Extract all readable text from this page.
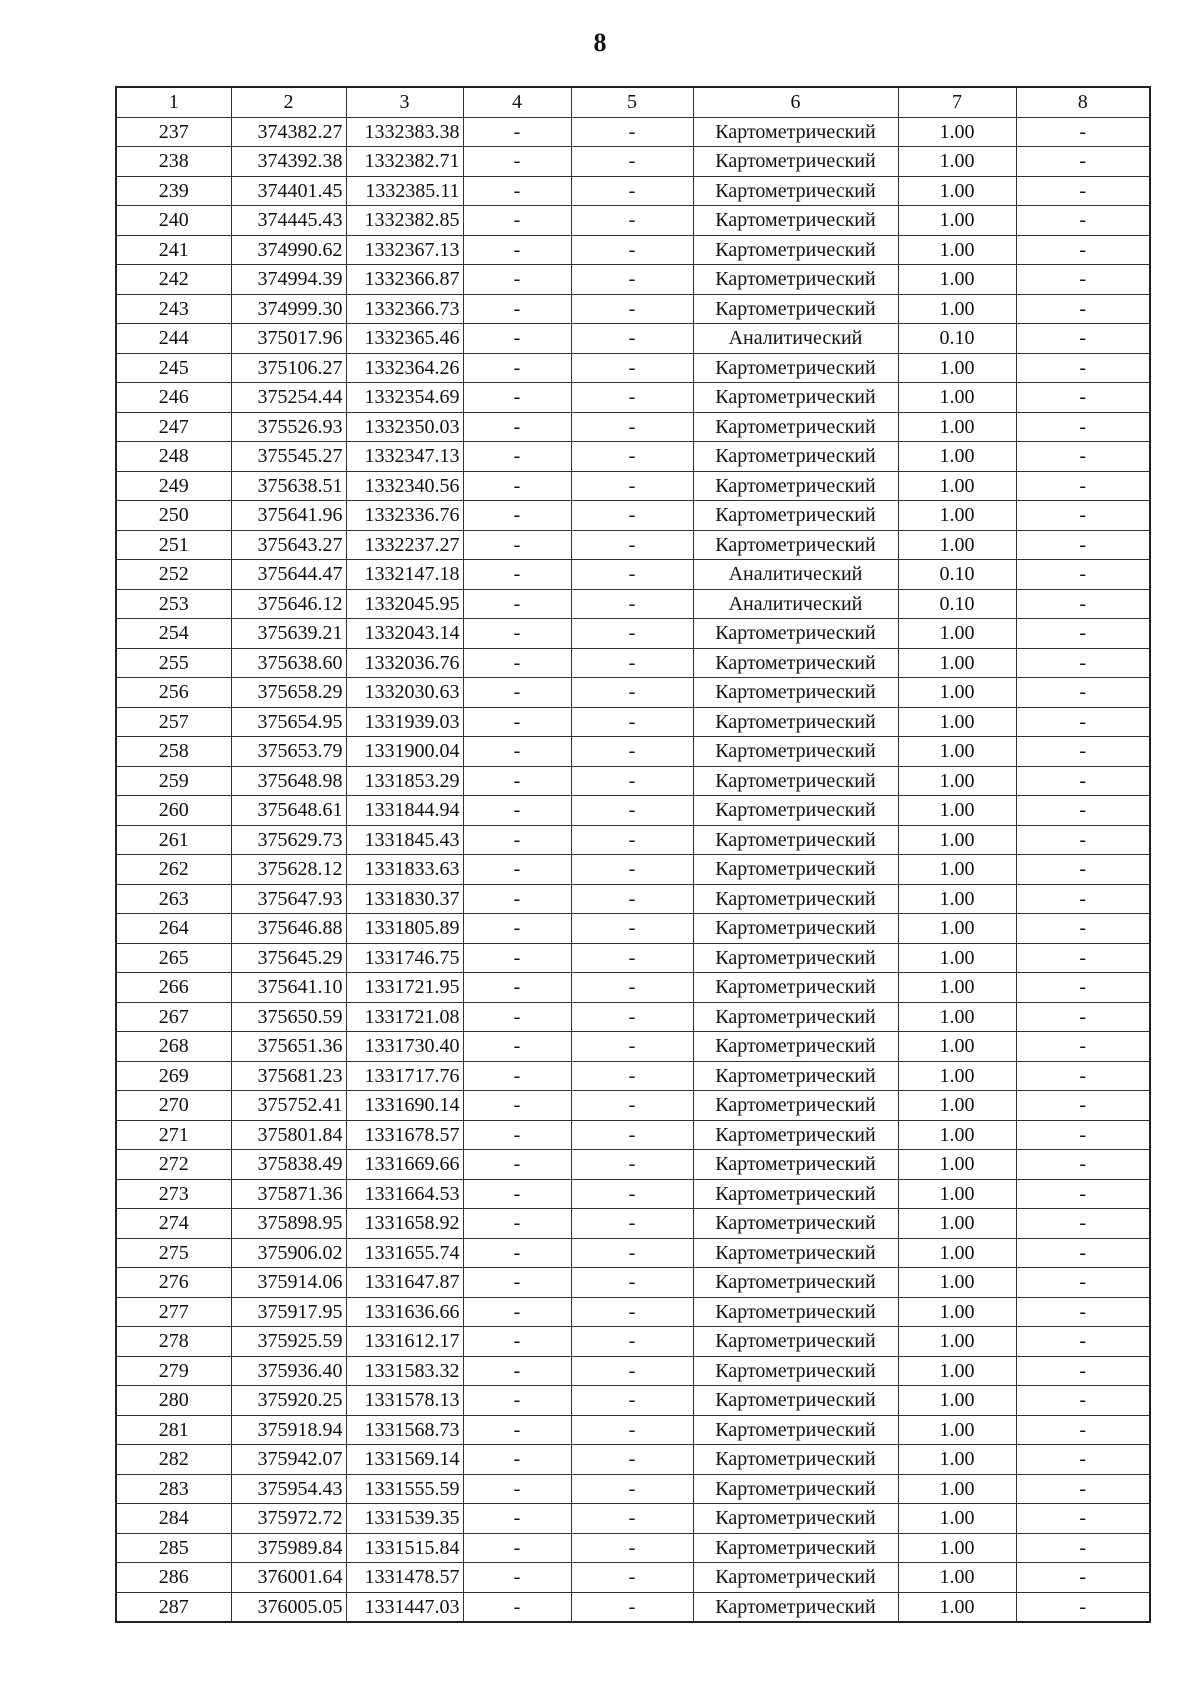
8
1	2	3	4	5	6	7	8
237	374382.27	1332383.38	-	-	Картометрический	1.00	-
238	374392.38	1332382.71	-	-	Картометрический	1.00	-
239	374401.45	1332385.11	-	-	Картометрический	1.00	-
240	374445.43	1332382.85	-	-	Картометрический	1.00	-
241	374990.62	1332367.13	-	-	Картометрический	1.00	-
242	374994.39	1332366.87	-	-	Картометрический	1.00	-
243	374999.30	1332366.73	-	-	Картометрический	1.00	-
244	375017.96	1332365.46	-	-	Аналитический	0.10	-
245	375106.27	1332364.26	-	-	Картометрический	1.00	-
246	375254.44	1332354.69	-	-	Картометрический	1.00	-
247	375526.93	1332350.03	-	-	Картометрический	1.00	-
248	375545.27	1332347.13	-	-	Картометрический	1.00	-
249	375638.51	1332340.56	-	-	Картометрический	1.00	-
250	375641.96	1332336.76	-	-	Картометрический	1.00	-
251	375643.27	1332237.27	-	-	Картометрический	1.00	-
252	375644.47	1332147.18	-	-	Аналитический	0.10	-
253	375646.12	1332045.95	-	-	Аналитический	0.10	-
254	375639.21	1332043.14	-	-	Картометрический	1.00	-
255	375638.60	1332036.76	-	-	Картометрический	1.00	-
256	375658.29	1332030.63	-	-	Картометрический	1.00	-
257	375654.95	1331939.03	-	-	Картометрический	1.00	-
258	375653.79	1331900.04	-	-	Картометрический	1.00	-
259	375648.98	1331853.29	-	-	Картометрический	1.00	-
260	375648.61	1331844.94	-	-	Картометрический	1.00	-
261	375629.73	1331845.43	-	-	Картометрический	1.00	-
262	375628.12	1331833.63	-	-	Картометрический	1.00	-
263	375647.93	1331830.37	-	-	Картометрический	1.00	-
264	375646.88	1331805.89	-	-	Картометрический	1.00	-
265	375645.29	1331746.75	-	-	Картометрический	1.00	-
266	375641.10	1331721.95	-	-	Картометрический	1.00	-
267	375650.59	1331721.08	-	-	Картометрический	1.00	-
268	375651.36	1331730.40	-	-	Картометрический	1.00	-
269	375681.23	1331717.76	-	-	Картометрический	1.00	-
270	375752.41	1331690.14	-	-	Картометрический	1.00	-
271	375801.84	1331678.57	-	-	Картометрический	1.00	-
272	375838.49	1331669.66	-	-	Картометрический	1.00	-
273	375871.36	1331664.53	-	-	Картометрический	1.00	-
274	375898.95	1331658.92	-	-	Картометрический	1.00	-
275	375906.02	1331655.74	-	-	Картометрический	1.00	-
276	375914.06	1331647.87	-	-	Картометрический	1.00	-
277	375917.95	1331636.66	-	-	Картометрический	1.00	-
278	375925.59	1331612.17	-	-	Картометрический	1.00	-
279	375936.40	1331583.32	-	-	Картометрический	1.00	-
280	375920.25	1331578.13	-	-	Картометрический	1.00	-
281	375918.94	1331568.73	-	-	Картометрический	1.00	-
282	375942.07	1331569.14	-	-	Картометрический	1.00	-
283	375954.43	1331555.59	-	-	Картометрический	1.00	-
284	375972.72	1331539.35	-	-	Картометрический	1.00	-
285	375989.84	1331515.84	-	-	Картометрический	1.00	-
286	376001.64	1331478.57	-	-	Картометрический	1.00	-
287	376005.05	1331447.03	-	-	Картометрический	1.00	-
